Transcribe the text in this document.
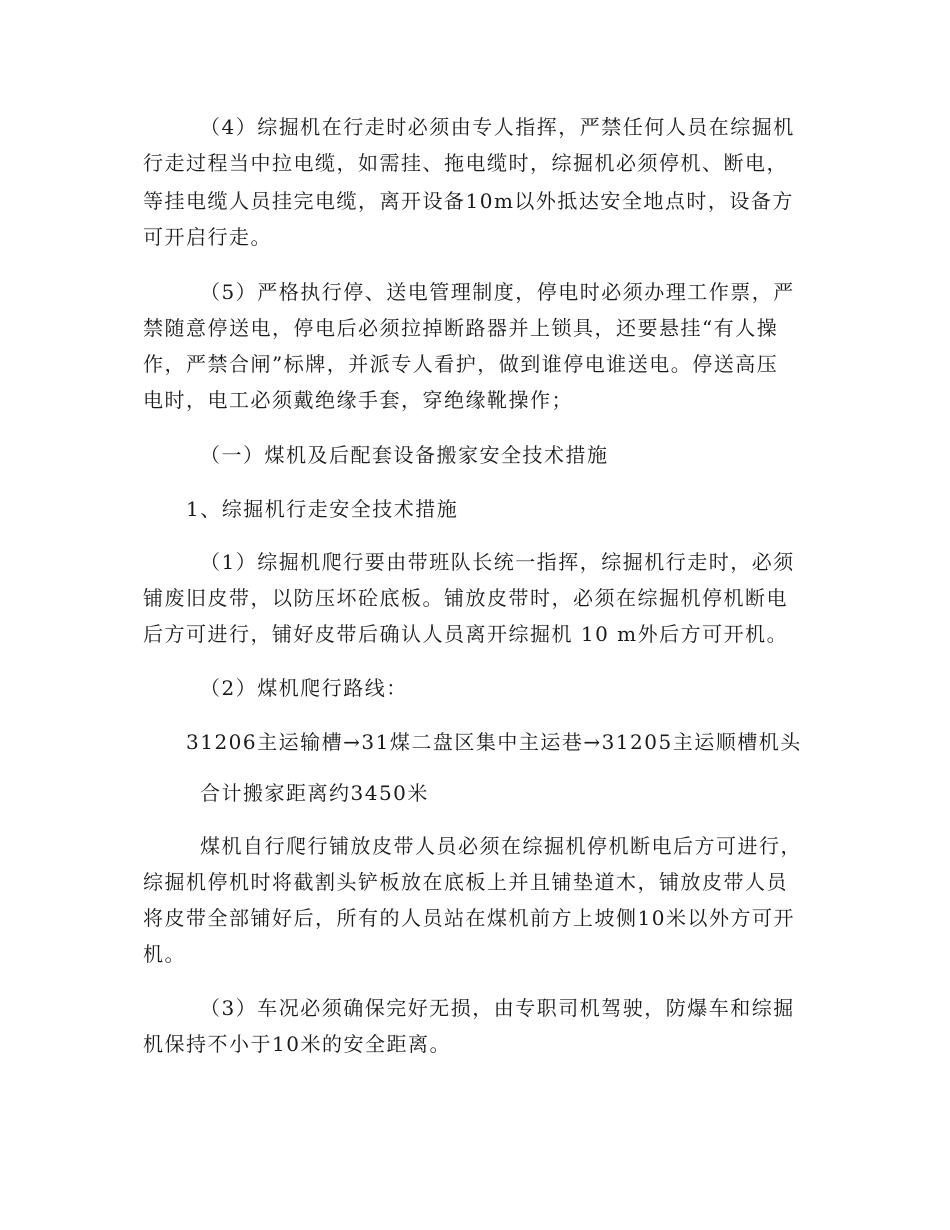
（4）综掘机在行走时必须由专人指挥，严禁任何人员在综掘机
行走过程当中拉电缆，如需挂、拖电缆时，综掘机必须停机、断电，
等挂电缆人员挂完电缆，离开设备10m以外抵达安全地点时，设备方
可开启行走。
（5）严格执行停、送电管理制度，停电时必须办理工作票，严
禁随意停送电，停电后必须拉掉断路器并上锁具，还要悬挂“有人操
作，严禁合闸”标牌，并派专人看护，做到谁停电谁送电。停送高压
电时，电工必须戴绝缘手套，穿绝缘靴操作；
（一）煤机及后配套设备搬家安全技术措施
1、综掘机行走安全技术措施
（1）综掘机爬行要由带班队长统一指挥，综掘机行走时，必须
铺废旧皮带，以防压坏砼底板。铺放皮带时，必须在综掘机停机断电
后方可进行，铺好皮带后确认人员离开综掘机 10 m外后方可开机。
（2）煤机爬行路线：
31206主运输槽→31煤二盘区集中主运巷→31205主运顺槽机头
合计搬家距离约3450米
煤机自行爬行铺放皮带人员必须在综掘机停机断电后方可进行，
综掘机停机时将截割头铲板放在底板上并且铺垫道木，铺放皮带人员
将皮带全部铺好后，所有的人员站在煤机前方上坡侧10米以外方可开
机。
（3）车况必须确保完好无损，由专职司机驾驶，防爆车和综掘
机保持不小于10米的安全距离。
